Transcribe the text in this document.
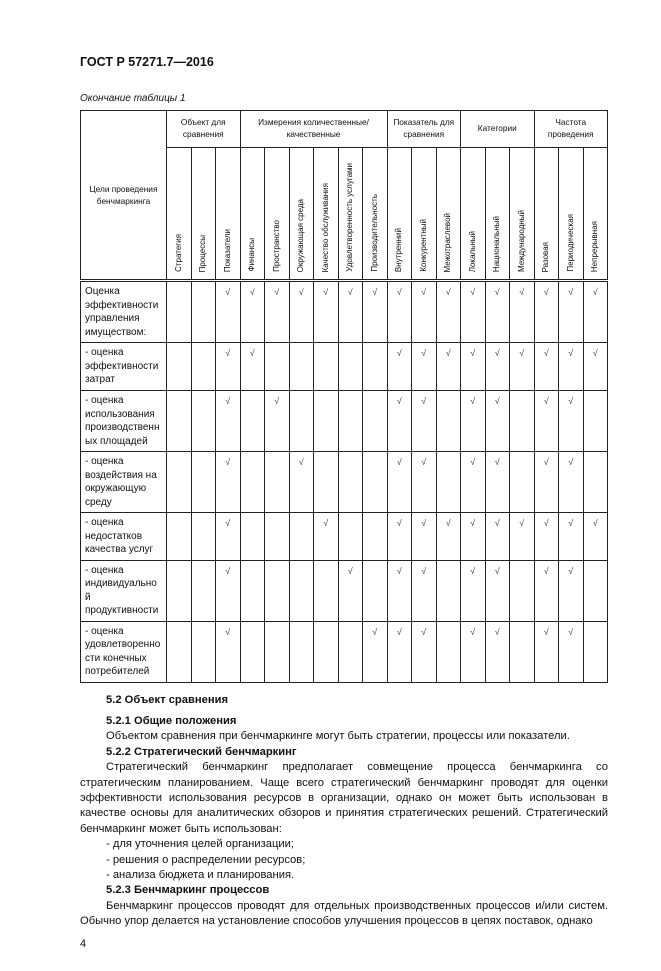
ГОСТ Р 57271.7—2016
Окончание таблицы 1
Цели проведения бенчмаркинга	Объект для сравнения			Измерения количественные/качественные						Показатель для сравнения			Категории			Частота проведения		
	Стратегия	Процессы	Показатели	Финансы	Пространство	Окружающая среда	Качество обслуживания	Удовлетворенность услугами	Производительность	Внутренний	Конкурентный	Межотраслевой	Локальный	Национальный	Международный	Разовая	Периодическая	Непрерывная
Оценка эффективности управления имуществом:			√	√	√	√	√	√	√	√	√	√	√	√	√	√	√	√
- оценка эффективности затрат			√	√						√	√	√	√	√	√	√	√	√
- оценка использования производственных площадей			√		√					√	√		√	√		√	√	
- оценка воздействия на окружающую среду			√			√				√	√		√	√		√	√	
- оценка недостатков качества услуг			√				√			√	√	√	√	√	√	√	√	√
- оценка индивидуальной продуктивности			√					√		√	√		√	√		√	√	
- оценка удовлетворенности конечных потребителей			√						√	√	√		√	√		√	√	

5.2 Объект сравнения

5.2.1 Общие положения

Объектом сравнения при бенчмаркинге могут быть стратегии, процессы или показатели.

5.2.2 Стратегический бенчмаркинг

Стратегический бенчмаркинг предполагает совмещение процесса бенчмаркинга со стратегическим планированием. Чаще всего стратегический бенчмаркинг проводят для оценки эффективности использования ресурсов в организации, однако он может быть использован в качестве основы для аналитических обзоров и принятия стратегических решений. Стратегический бенчмаркинг может быть использован:

- для уточнения целей организации;

- решения о распределении ресурсов;

- анализа бюджета и планирования.

5.2.3 Бенчмаркинг процессов

Бенчмаркинг процессов проводят для отдельных производственных процессов и/или систем. Обычно упор делается на установление способов улучшения процессов в цепях поставок, однако

4
